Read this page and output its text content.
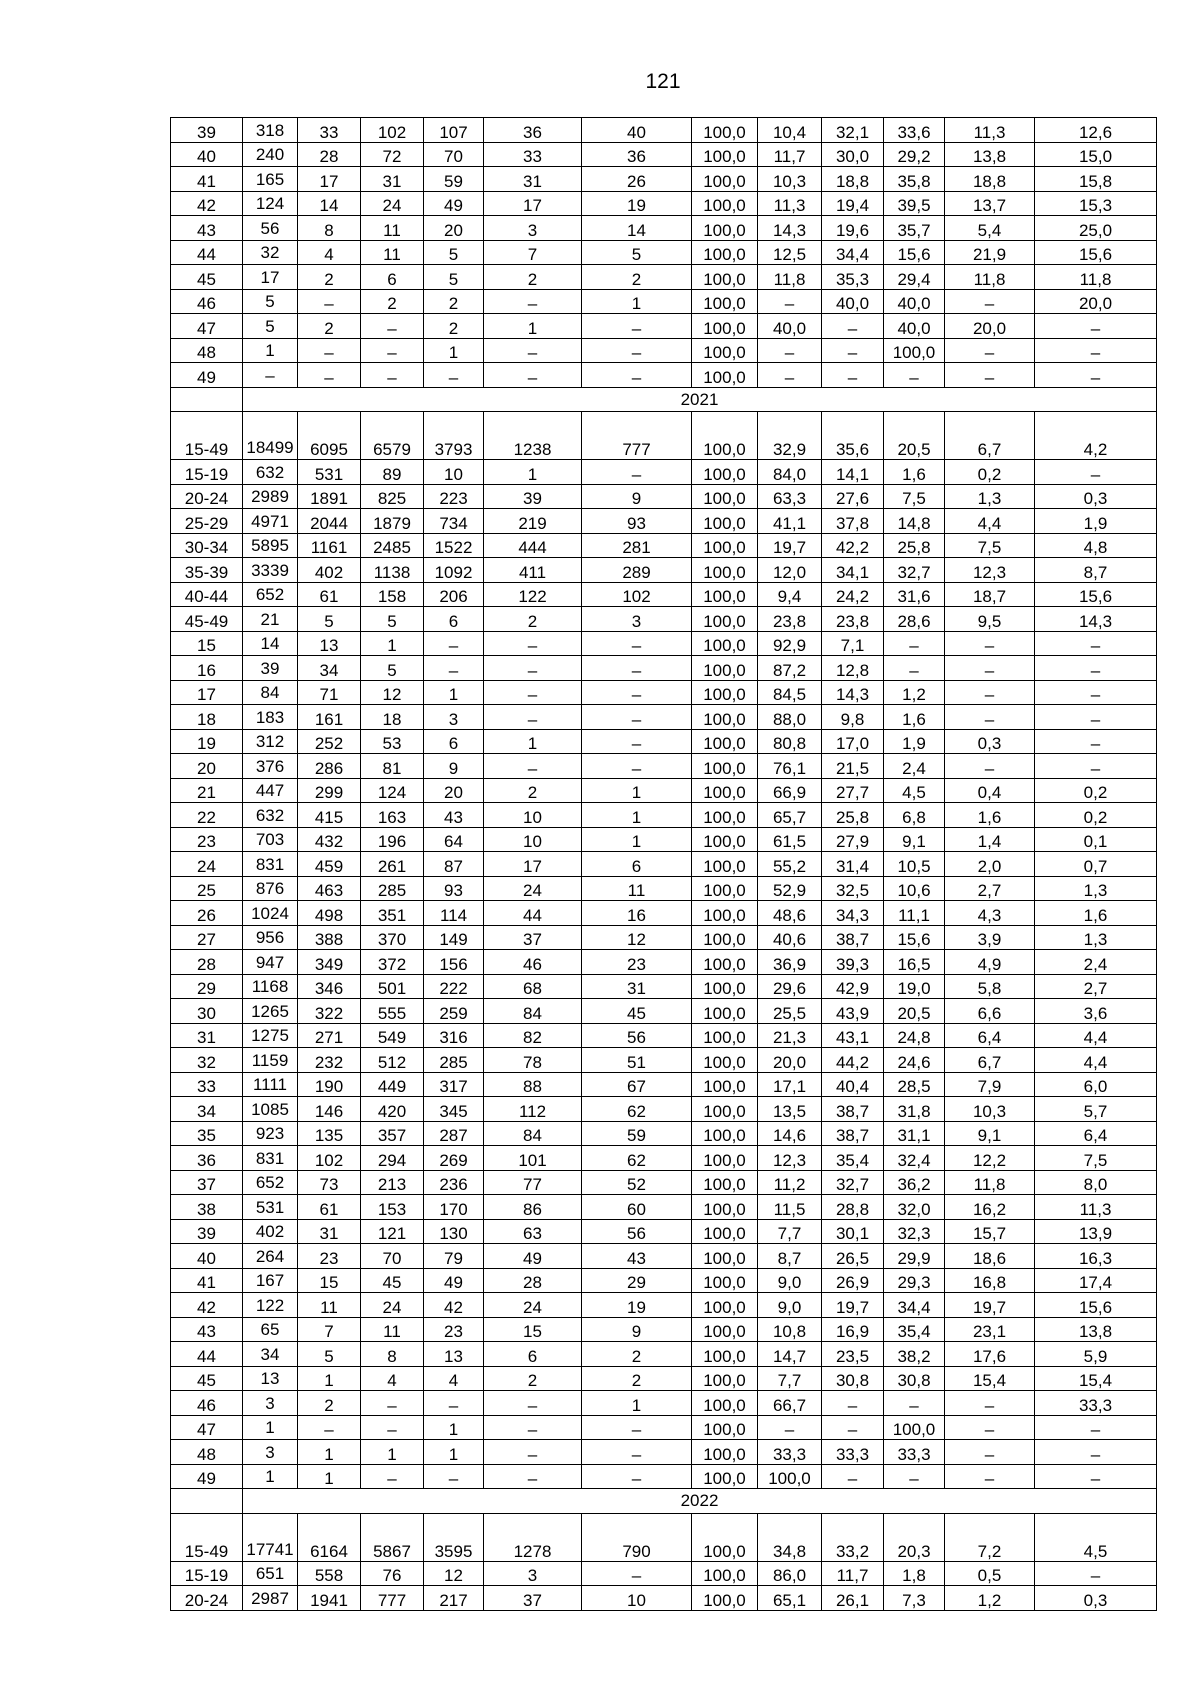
121
39	318	33	102	107	36	40	100,0	10,4	32,1	33,6	11,3	12,6
40	240	28	72	70	33	36	100,0	11,7	30,0	29,2	13,8	15,0
41	165	17	31	59	31	26	100,0	10,3	18,8	35,8	18,8	15,8
42	124	14	24	49	17	19	100,0	11,3	19,4	39,5	13,7	15,3
43	56	8	11	20	3	14	100,0	14,3	19,6	35,7	5,4	25,0
44	32	4	11	5	7	5	100,0	12,5	34,4	15,6	21,9	15,6
45	17	2	6	5	2	2	100,0	11,8	35,3	29,4	11,8	11,8
46	5	–	2	2	–	1	100,0	–	40,0	40,0	–	20,0
47	5	2	–	2	1	–	100,0	40,0	–	40,0	20,0	–
48	1	–	–	1	–	–	100,0	–	–	100,0	–	–
49	–	–	–	–	–	–	100,0	–	–	–	–	–
	2021											
15-49	18499	6095	6579	3793	1238	777	100,0	32,9	35,6	20,5	6,7	4,2
15-19	632	531	89	10	1	–	100,0	84,0	14,1	1,6	0,2	–
20-24	2989	1891	825	223	39	9	100,0	63,3	27,6	7,5	1,3	0,3
25-29	4971	2044	1879	734	219	93	100,0	41,1	37,8	14,8	4,4	1,9
30-34	5895	1161	2485	1522	444	281	100,0	19,7	42,2	25,8	7,5	4,8
35-39	3339	402	1138	1092	411	289	100,0	12,0	34,1	32,7	12,3	8,7
40-44	652	61	158	206	122	102	100,0	9,4	24,2	31,6	18,7	15,6
45-49	21	5	5	6	2	3	100,0	23,8	23,8	28,6	9,5	14,3
15	14	13	1	–	–	–	100,0	92,9	7,1	–	–	–
16	39	34	5	–	–	–	100,0	87,2	12,8	–	–	–
17	84	71	12	1	–	–	100,0	84,5	14,3	1,2	–	–
18	183	161	18	3	–	–	100,0	88,0	9,8	1,6	–	–
19	312	252	53	6	1	–	100,0	80,8	17,0	1,9	0,3	–
20	376	286	81	9	–	–	100,0	76,1	21,5	2,4	–	–
21	447	299	124	20	2	1	100,0	66,9	27,7	4,5	0,4	0,2
22	632	415	163	43	10	1	100,0	65,7	25,8	6,8	1,6	0,2
23	703	432	196	64	10	1	100,0	61,5	27,9	9,1	1,4	0,1
24	831	459	261	87	17	6	100,0	55,2	31,4	10,5	2,0	0,7
25	876	463	285	93	24	11	100,0	52,9	32,5	10,6	2,7	1,3
26	1024	498	351	114	44	16	100,0	48,6	34,3	11,1	4,3	1,6
27	956	388	370	149	37	12	100,0	40,6	38,7	15,6	3,9	1,3
28	947	349	372	156	46	23	100,0	36,9	39,3	16,5	4,9	2,4
29	1168	346	501	222	68	31	100,0	29,6	42,9	19,0	5,8	2,7
30	1265	322	555	259	84	45	100,0	25,5	43,9	20,5	6,6	3,6
31	1275	271	549	316	82	56	100,0	21,3	43,1	24,8	6,4	4,4
32	1159	232	512	285	78	51	100,0	20,0	44,2	24,6	6,7	4,4
33	1111	190	449	317	88	67	100,0	17,1	40,4	28,5	7,9	6,0
34	1085	146	420	345	112	62	100,0	13,5	38,7	31,8	10,3	5,7
35	923	135	357	287	84	59	100,0	14,6	38,7	31,1	9,1	6,4
36	831	102	294	269	101	62	100,0	12,3	35,4	32,4	12,2	7,5
37	652	73	213	236	77	52	100,0	11,2	32,7	36,2	11,8	8,0
38	531	61	153	170	86	60	100,0	11,5	28,8	32,0	16,2	11,3
39	402	31	121	130	63	56	100,0	7,7	30,1	32,3	15,7	13,9
40	264	23	70	79	49	43	100,0	8,7	26,5	29,9	18,6	16,3
41	167	15	45	49	28	29	100,0	9,0	26,9	29,3	16,8	17,4
42	122	11	24	42	24	19	100,0	9,0	19,7	34,4	19,7	15,6
43	65	7	11	23	15	9	100,0	10,8	16,9	35,4	23,1	13,8
44	34	5	8	13	6	2	100,0	14,7	23,5	38,2	17,6	5,9
45	13	1	4	4	2	2	100,0	7,7	30,8	30,8	15,4	15,4
46	3	2	–	–	–	1	100,0	66,7	–	–	–	33,3
47	1	–	–	1	–	–	100,0	–	–	100,0	–	–
48	3	1	1	1	–	–	100,0	33,3	33,3	33,3	–	–
49	1	1	–	–	–	–	100,0	100,0	–	–	–	–
	2022											
15-49	17741	6164	5867	3595	1278	790	100,0	34,8	33,2	20,3	7,2	4,5
15-19	651	558	76	12	3	–	100,0	86,0	11,7	1,8	0,5	–
20-24	2987	1941	777	217	37	10	100,0	65,1	26,1	7,3	1,2	0,3
